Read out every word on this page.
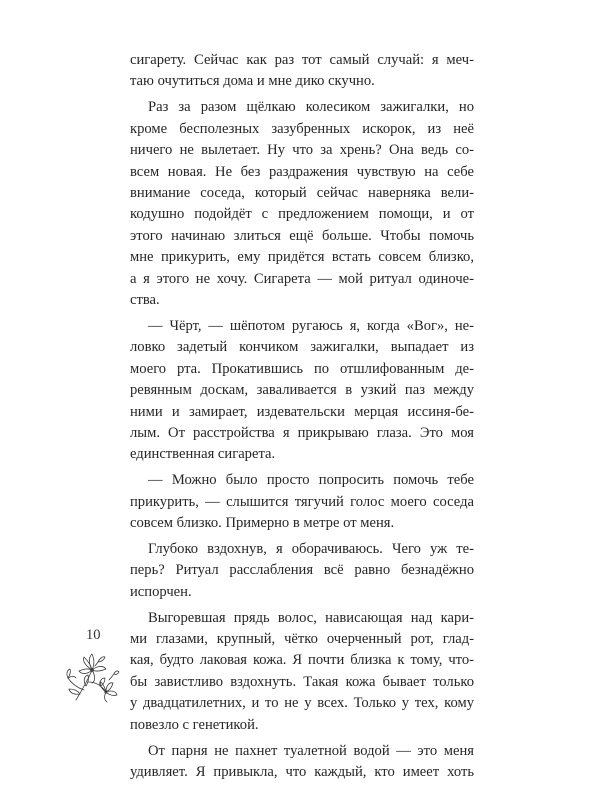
сигарету. Сейчас как раз тот самый случай: я меч-
таю очутиться дома и мне дико скучно.
Раз за разом щёлкаю колесиком зажигалки, но
кроме бесполезных зазубренных искорок, из неё
ничего не вылетает. Ну что за хрень? Она ведь со-
всем новая. Не без раздражения чувствую на себе
внимание соседа, который сейчас наверняка вели-
кодушно подойдёт с предложением помощи, и от
этого начинаю злиться ещё больше. Чтобы помочь
мне прикурить, ему придётся встать совсем близко,
а я этого не хочу. Сигарета — мой ритуал одиноче-
ства.
— Чёрт, — шёпотом ругаюсь я, когда «Вог», не-
ловко задетый кончиком зажигалки, выпадает из
моего рта. Прокатившись по отшлифованным де-
ревянным доскам, заваливается в узкий паз между
ними и замирает, издевательски мерцая иссиня-бе-
лым. От расстройства я прикрываю глаза. Это моя
единственная сигарета.
— Можно было просто попросить помочь тебе
прикурить, — слышится тягучий голос моего соседа
совсем близко. Примерно в метре от меня.
Глубоко вздохнув, я оборачиваюсь. Чего уж те-
перь? Ритуал расслабления всё равно безнадёжно
испорчен.
Выгоревшая прядь волос, нависающая над кари-
ми глазами, крупный, чётко очерченный рот, глад-
кая, будто лаковая кожа. Я почти близка к тому, что-
бы завистливо вздохнуть. Такая кожа бывает только
у двадцатилетних, и то не у всех. Только у тех, кому
повезло с генетикой.
От парня не пахнет туалетной водой — это меня
удивляет. Я привыкла, что каждый, кто имеет хоть
10
